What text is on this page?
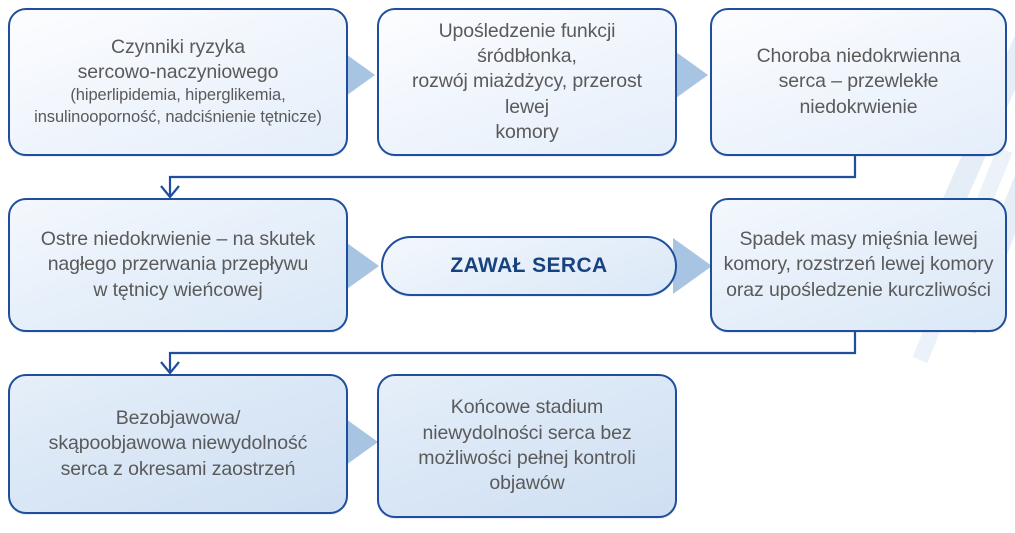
Czynniki ryzyka
sercowo-naczyniowego
(hiperlipidemia, hiperglikemia,
insulinooporność, nadciśnienie tętnicze)
Upośledzenie funkcji śródbłonka,
rozwój miażdżycy, przerost lewej
komory
Choroba niedokrwienna
serca – przewlekłe
niedokrwienie
Ostre niedokrwienie – na skutek
nagłego przerwania przepływu
w tętnicy wieńcowej
ZAWAŁ SERCA
Spadek masy mięśnia lewej
komory, rozstrzeń lewej komory
oraz upośledzenie kurczliwości
Bezobjawowa/
skąpoobjawowa niewydolność
serca z okresami zaostrzeń
Końcowe stadium
niewydolności serca bez
możliwości pełnej kontroli
objawów
